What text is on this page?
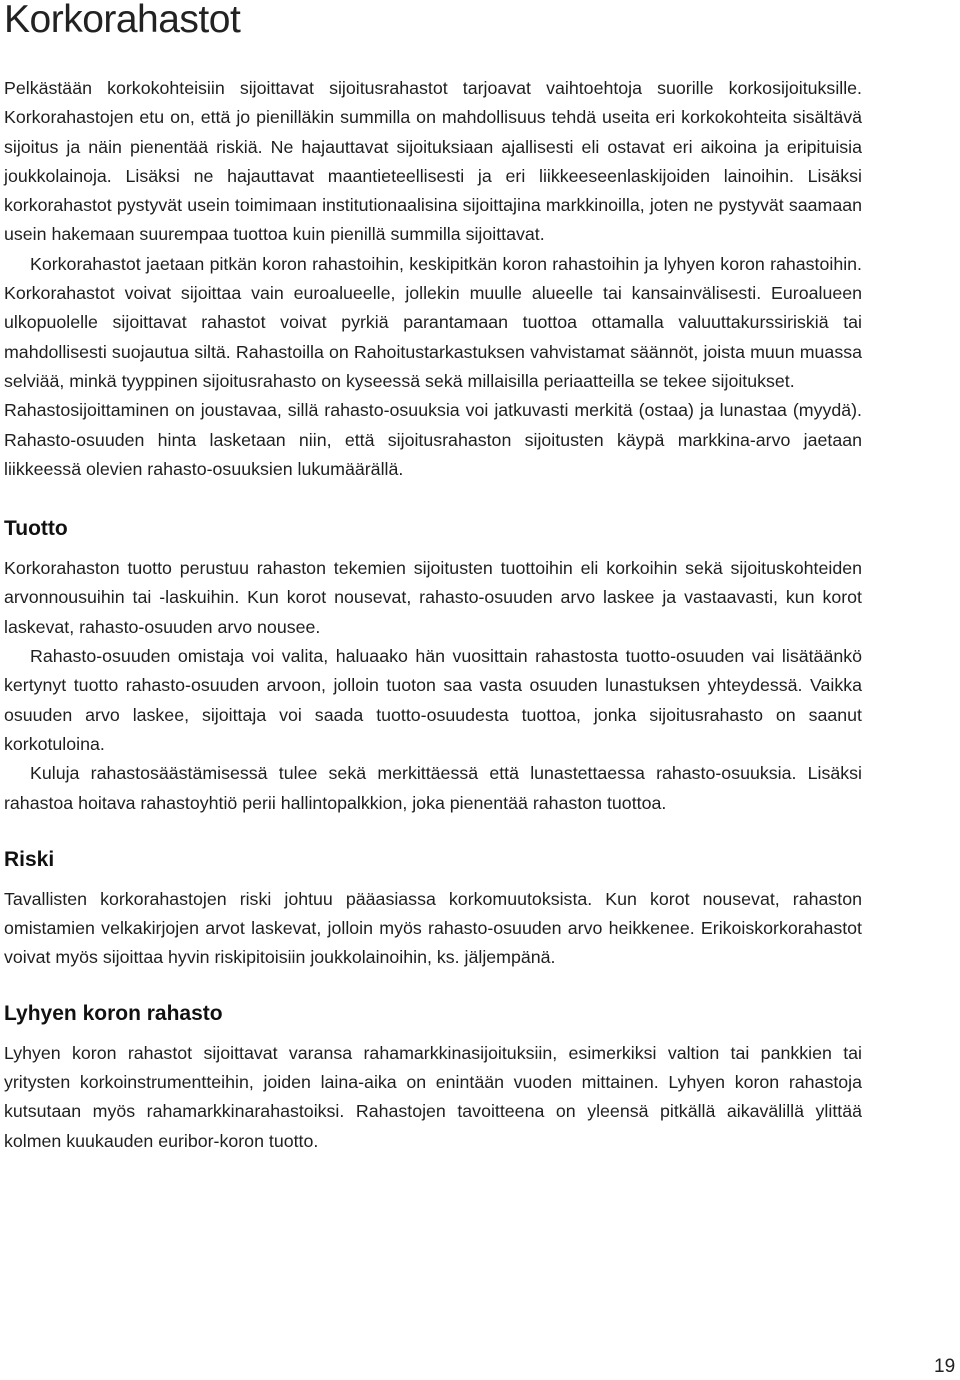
Korkorahastot

Pelkästään korkokohteisiin sijoittavat sijoitusrahastot tarjoavat vaihtoehtoja suorille korkosijoituksille. Korkorahastojen etu on, että jo pienilläkin summilla on mahdollisuus tehdä useita eri korkokohteita sisältävä sijoitus ja näin pienentää riskiä. Ne hajauttavat sijoituksiaan ajallisesti eli ostavat eri aikoina ja eripituisia joukkolainoja. Lisäksi ne hajauttavat maantieteellisesti ja eri liikkeeseenlaskijoiden lainoihin. Lisäksi korkorahastot pystyvät usein toimimaan institutionaalisina sijoittajina markkinoilla, joten ne pystyvät saamaan usein hakemaan suurempaa tuottoa kuin pienillä summilla sijoittavat.

Korkorahastot jaetaan pitkän koron rahastoihin, keskipitkän koron rahastoihin ja lyhyen koron rahastoihin. Korkorahastot voivat sijoittaa vain euroalueelle, jollekin muulle alueelle tai kansainvälisesti. Euroalueen ulkopuolelle sijoittavat rahastot voivat pyrkiä parantamaan tuottoa ottamalla valuuttakurssiriskiä tai mahdollisesti suojautua siltä. Rahastoilla on Rahoitustarkastuksen vahvistamat säännöt, joista muun muassa selviää, minkä tyyppinen sijoitusrahasto on kyseessä sekä millaisilla periaatteilla se tekee sijoitukset.

Rahastosijoittaminen on joustavaa, sillä rahasto-osuuksia voi jatkuvasti merkitä (ostaa) ja lunastaa (myydä). Rahasto-osuuden hinta lasketaan niin, että sijoitusrahaston sijoitusten käypä markkina-arvo jaetaan liikkeessä olevien rahasto-osuuksien lukumäärällä.

Tuotto

Korkorahaston tuotto perustuu rahaston tekemien sijoitusten tuottoihin eli korkoihin sekä sijoituskohteiden arvonnousuihin tai -laskuihin. Kun korot nousevat, rahasto-osuuden arvo laskee ja vastaavasti, kun korot laskevat, rahasto-osuuden arvo nousee.

Rahasto-osuuden omistaja voi valita, haluaako hän vuosittain rahastosta tuotto-osuuden vai lisätäänkö kertynyt tuotto rahasto-osuuden arvoon, jolloin tuoton saa vasta osuuden lunastuksen yhteydessä. Vaikka osuuden arvo laskee, sijoittaja voi saada tuotto-osuudesta tuottoa, jonka sijoitusrahasto on saanut korkotuloina.

Kuluja rahastosäästämisessä tulee sekä merkittäessä että lunastettaessa rahasto-osuuksia. Lisäksi rahastoa hoitava rahastoyhtiö perii hallintopalkkion, joka pienentää rahaston tuottoa.

Riski

Tavallisten korkorahastojen riski johtuu pääasiassa korkomuutoksista. Kun korot nousevat, rahaston omistamien velkakirjojen arvot laskevat, jolloin myös rahasto-osuuden arvo heikkenee. Erikoiskorkorahastot voivat myös sijoittaa hyvin riskipitoisiin joukkolainoihin, ks. jäljempänä.

Lyhyen koron rahasto

Lyhyen koron rahastot sijoittavat varansa rahamarkkinasijoituksiin, esimerkiksi valtion tai pankkien tai yritysten korkoinstrumentteihin, joiden laina-aika on enintään vuoden mittainen. Lyhyen koron rahastoja kutsutaan myös rahamarkkinarahastoiksi. Rahastojen tavoitteena on yleensä pitkällä aikavälillä ylittää kolmen kuukauden euribor-koron tuotto.

19
